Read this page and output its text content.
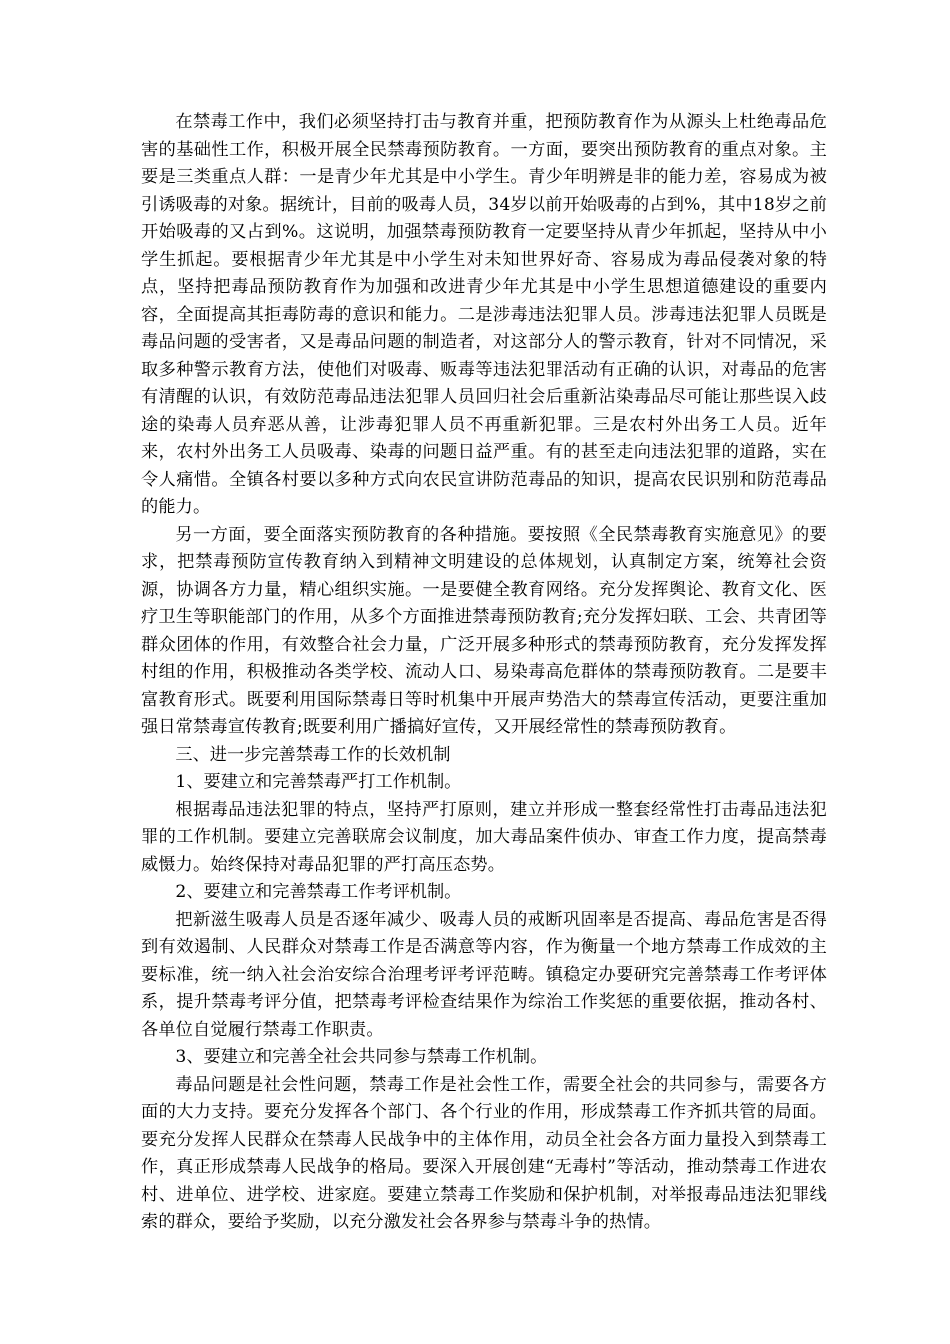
在禁毒工作中，我们必须坚持打击与教育并重，把预防教育作为从源头上杜绝毒品危害的基础性工作，积极开展全民禁毒预防教育。一方面，要突出预防教育的重点对象。主要是三类重点人群：一是青少年尤其是中小学生。青少年明辨是非的能力差，容易成为被引诱吸毒的对象。据统计，目前的吸毒人员，34岁以前开始吸毒的占到%，其中18岁之前开始吸毒的又占到%。这说明，加强禁毒预防教育一定要坚持从青少年抓起，坚持从中小学生抓起。要根据青少年尤其是中小学生对未知世界好奇、容易成为毒品侵袭对象的特点，坚持把毒品预防教育作为加强和改进青少年尤其是中小学生思想道德建设的重要内容，全面提高其拒毒防毒的意识和能力。二是涉毒违法犯罪人员。涉毒违法犯罪人员既是毒品问题的受害者，又是毒品问题的制造者，对这部分人的警示教育，针对不同情况，采取多种警示教育方法，使他们对吸毒、贩毒等违法犯罪活动有正确的认识，对毒品的危害有清醒的认识，有效防范毒品违法犯罪人员回归社会后重新沾染毒品尽可能让那些误入歧途的染毒人员弃恶从善，让涉毒犯罪人员不再重新犯罪。三是农村外出务工人员。近年来，农村外出务工人员吸毒、染毒的问题日益严重。有的甚至走向违法犯罪的道路，实在令人痛惜。全镇各村要以多种方式向农民宣讲防范毒品的知识，提高农民识别和防范毒品的能力。

另一方面，要全面落实预防教育的各种措施。要按照《全民禁毒教育实施意见》的要求，把禁毒预防宣传教育纳入到精神文明建设的总体规划，认真制定方案，统筹社会资源，协调各方力量，精心组织实施。一是要健全教育网络。充分发挥舆论、教育文化、医疗卫生等职能部门的作用，从多个方面推进禁毒预防教育;充分发挥妇联、工会、共青团等群众团体的作用，有效整合社会力量，广泛开展多种形式的禁毒预防教育，充分发挥发挥村组的作用，积极推动各类学校、流动人口、易染毒高危群体的禁毒预防教育。二是要丰富教育形式。既要利用国际禁毒日等时机集中开展声势浩大的禁毒宣传活动，更要注重加强日常禁毒宣传教育;既要利用广播搞好宣传，又开展经常性的禁毒预防教育。

三、进一步完善禁毒工作的长效机制

1、要建立和完善禁毒严打工作机制。

根据毒品违法犯罪的特点，坚持严打原则，建立并形成一整套经常性打击毒品违法犯罪的工作机制。要建立完善联席会议制度，加大毒品案件侦办、审查工作力度，提高禁毒威慑力。始终保持对毒品犯罪的严打高压态势。

2、要建立和完善禁毒工作考评机制。

把新滋生吸毒人员是否逐年减少、吸毒人员的戒断巩固率是否提高、毒品危害是否得到有效遏制、人民群众对禁毒工作是否满意等内容，作为衡量一个地方禁毒工作成效的主要标准，统一纳入社会治安综合治理考评考评范畴。镇稳定办要研究完善禁毒工作考评体系，提升禁毒考评分值，把禁毒考评检查结果作为综治工作奖惩的重要依据，推动各村、各单位自觉履行禁毒工作职责。

3、要建立和完善全社会共同参与禁毒工作机制。

毒品问题是社会性问题，禁毒工作是社会性工作，需要全社会的共同参与，需要各方面的大力支持。要充分发挥各个部门、各个行业的作用，形成禁毒工作齐抓共管的局面。要充分发挥人民群众在禁毒人民战争中的主体作用，动员全社会各方面力量投入到禁毒工作，真正形成禁毒人民战争的格局。要深入开展创建“无毒村”等活动，推动禁毒工作进农村、进单位、进学校、进家庭。要建立禁毒工作奖励和保护机制，对举报毒品违法犯罪线索的群众，要给予奖励，以充分激发社会各界参与禁毒斗争的热情。
